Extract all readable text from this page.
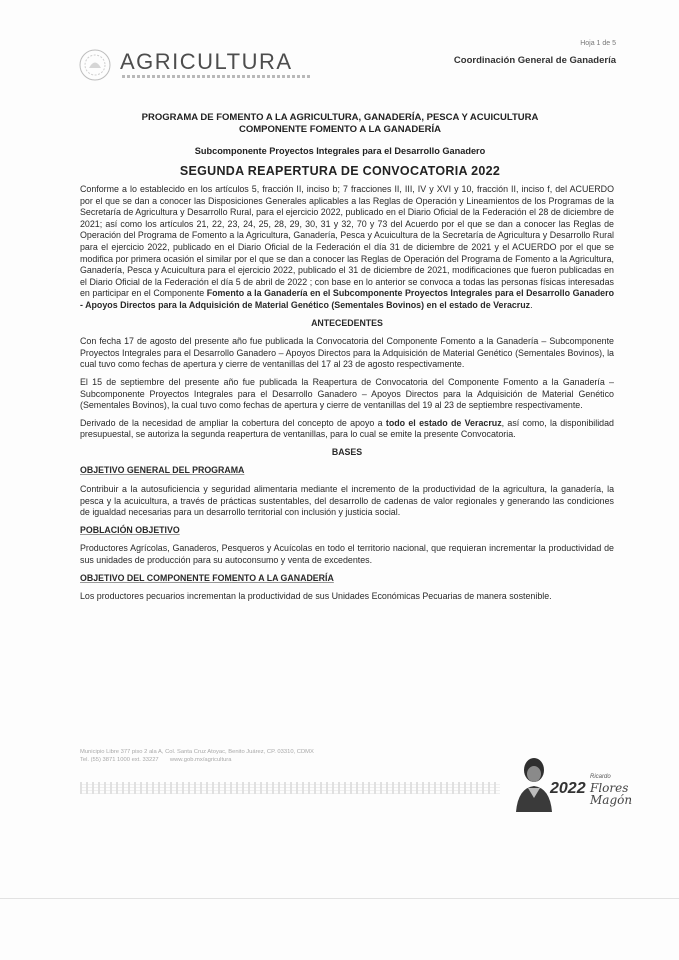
AGRICULTURA
Hoja 1 de 5
Coordinación General de Ganadería
PROGRAMA DE FOMENTO A LA AGRICULTURA, GANADERÍA, PESCA Y ACUICULTURA
COMPONENTE FOMENTO A LA GANADERÍA
Subcomponente Proyectos Integrales para el Desarrollo Ganadero
SEGUNDA REAPERTURA DE CONVOCATORIA 2022

Conforme a lo establecido en los artículos 5, fracción II, inciso b; 7 fracciones II, III, IV y XVI y 10, fracción II, inciso f, del ACUERDO por el que se dan a conocer las Disposiciones Generales aplicables a las Reglas de Operación y Lineamientos de los Programas de la Secretaría de Agricultura y Desarrollo Rural, para el ejercicio 2022, publicado en el Diario Oficial de la Federación el 28 de diciembre de 2021; así como los artículos 21, 22, 23, 24, 25, 28, 29, 30, 31 y 32, 70 y 73 del Acuerdo por el que se dan a conocer las Reglas de Operación del Programa de Fomento a la Agricultura, Ganadería, Pesca y Acuicultura de la Secretaría de Agricultura y Desarrollo Rural para el ejercicio 2022, publicado en el Diario Oficial de la Federación el día 31 de diciembre de 2021 y el ACUERDO por el que se modifica por primera ocasión el similar por el que se dan a conocer las Reglas de Operación del Programa de Fomento a la Agricultura, Ganadería, Pesca y Acuicultura para el ejercicio 2022, publicado el 31 de diciembre de 2021, modificaciones que fueron publicadas en el Diario Oficial de la Federación el día 5 de abril de 2022 ; con base en lo anterior se convoca a todas las personas físicas interesadas en participar en el Componente Fomento a la Ganadería en el Subcomponente Proyectos Integrales para el Desarrollo Ganadero - Apoyos Directos para la Adquisición de Material Genético (Sementales Bovinos) en el estado de Veracruz.

ANTECEDENTES

Con fecha 17 de agosto del presente año fue publicada la Convocatoria del Componente Fomento a la Ganadería – Subcomponente Proyectos Integrales para el Desarrollo Ganadero – Apoyos Directos para la Adquisición de Material Genético (Sementales Bovinos), la cual tuvo como fechas de apertura y cierre de ventanillas del 17 al 23 de agosto respectivamente.

El 15 de septiembre del presente año fue publicada la Reapertura de Convocatoria del Componente Fomento a la Ganadería – Subcomponente Proyectos Integrales para el Desarrollo Ganadero – Apoyos Directos para la Adquisición de Material Genético (Sementales Bovinos), la cual tuvo como fechas de apertura y cierre de ventanillas del 19 al 23 de septiembre respectivamente.

Derivado de la necesidad de ampliar la cobertura del concepto de apoyo a todo el estado de Veracruz, así como, la disponibilidad presupuestal, se autoriza la segunda reapertura de ventanillas, para lo cual se emite la presente Convocatoria.

BASES
OBJETIVO GENERAL DEL PROGRAMA

Contribuir a la autosuficiencia y seguridad alimentaria mediante el incremento de la productividad de la agricultura, la ganadería, la pesca y la acuicultura, a través de prácticas sustentables, del desarrollo de cadenas de valor regionales y generando las condiciones de igualdad necesarias para un desarrollo territorial con inclusión y justicia social.

POBLACIÓN OBJETIVO

Productores Agrícolas, Ganaderos, Pesqueros y Acuícolas en todo el territorio nacional, que requieran incrementar la productividad de sus unidades de producción para su autoconsumo y venta de excedentes.

OBJETIVO DEL COMPONENTE FOMENTO A LA GANADERÍA

Los productores pecuarios incrementan la productividad de sus Unidades Económicas Pecuarias de manera sostenible.

Municipio Libre 377 piso 2 ala A, Col. Santa Cruz Atoyac, Benito Juárez, CP. 03310, CDMX
Tel. (55) 3871 1000 ext. 33227 www.gob.mx/agricultura
2022
Ricardo
Flores
Magón
